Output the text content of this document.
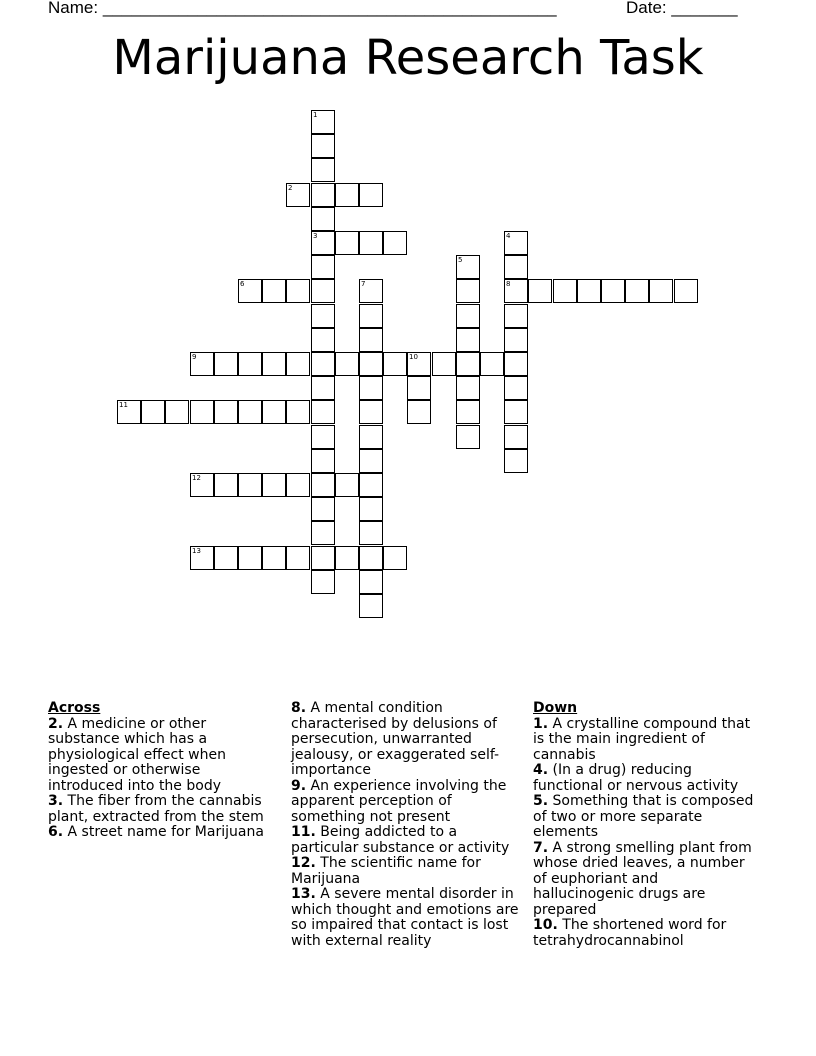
Name: ________________________________________________	Date: _______
Marijuana Research Task
1
3
2
4
8
5
6	7
9	10
11
12
13
Across

2. A medicine or other substance which has a physiological effect when ingested or otherwise introduced into the body

3. The fiber from the cannabis plant, extracted from the stem

6. A street name for Marijuana

8. A mental condition characterised by delusions of persecution, unwarranted jealousy, or exaggerated self-importance

9. An experience involving the apparent perception of something not present

11. Being addicted to a particular substance or activity

12. The scientific name for Marijuana

13. A severe mental disorder in which thought and emotions are so impaired that contact is lost with external reality

Down

1. A crystalline compound that is the main ingredient of cannabis

4. (In a drug) reducing functional or nervous activity

5. Something that is composed of two or more separate elements

7. A strong smelling plant from whose dried leaves, a number of euphoriant and hallucinogenic drugs are prepared

10. The shortened word for tetrahydrocannabinol
